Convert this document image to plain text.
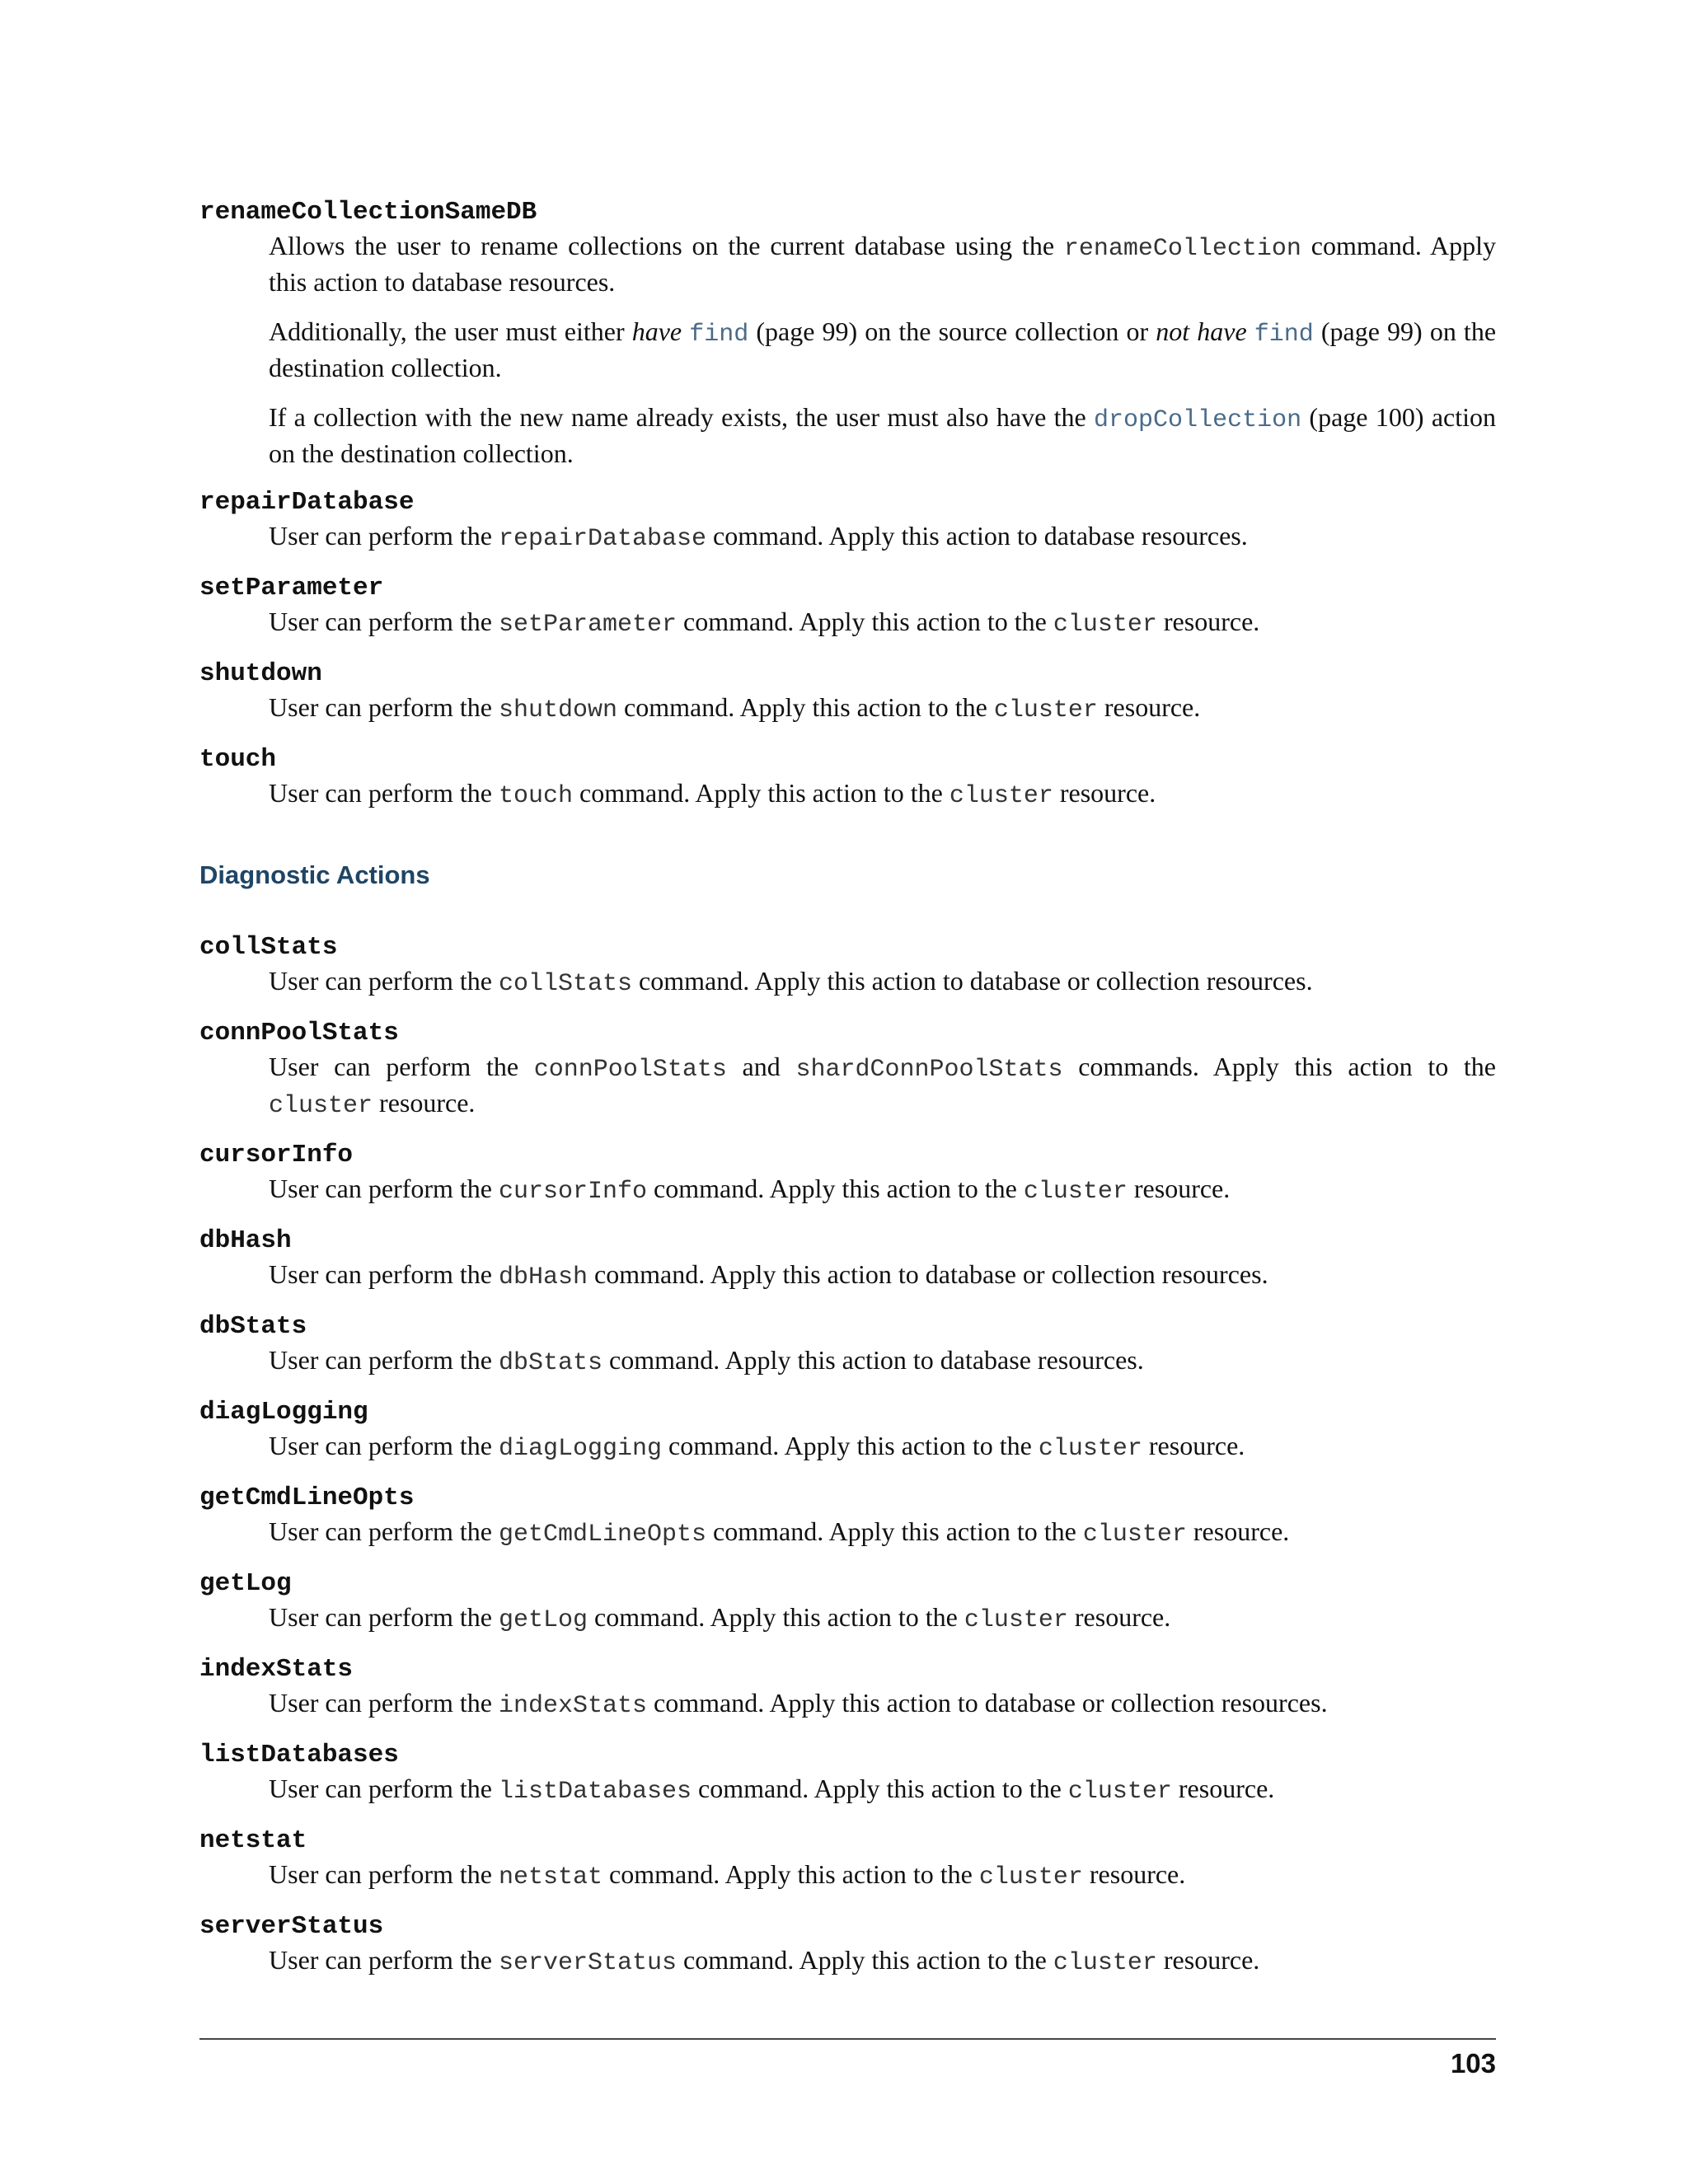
renameCollectionSameDB

Allows the user to rename collections on the current database using the renameCollection command. Apply this action to database resources.

Additionally, the user must either have find (page 99) on the source collection or not have find (page 99) on the destination collection.

If a collection with the new name already exists, the user must also have the dropCollection (page 100) action on the destination collection.

repairDatabase

User can perform the repairDatabase command. Apply this action to database resources.

setParameter

User can perform the setParameter command. Apply this action to the cluster resource.

shutdown

User can perform the shutdown command. Apply this action to the cluster resource.

touch

User can perform the touch command. Apply this action to the cluster resource.

Diagnostic Actions
collStats

User can perform the collStats command. Apply this action to database or collection resources.

connPoolStats

User can perform the connPoolStats and shardConnPoolStats commands. Apply this action to the cluster resource.

cursorInfo

User can perform the cursorInfo command. Apply this action to the cluster resource.

dbHash

User can perform the dbHash command. Apply this action to database or collection resources.

dbStats

User can perform the dbStats command. Apply this action to database resources.

diagLogging

User can perform the diagLogging command. Apply this action to the cluster resource.

getCmdLineOpts

User can perform the getCmdLineOpts command. Apply this action to the cluster resource.

getLog

User can perform the getLog command. Apply this action to the cluster resource.

indexStats

User can perform the indexStats command. Apply this action to database or collection resources.

listDatabases

User can perform the listDatabases command. Apply this action to the cluster resource.

netstat

User can perform the netstat command. Apply this action to the cluster resource.

serverStatus

User can perform the serverStatus command. Apply this action to the cluster resource.

103
